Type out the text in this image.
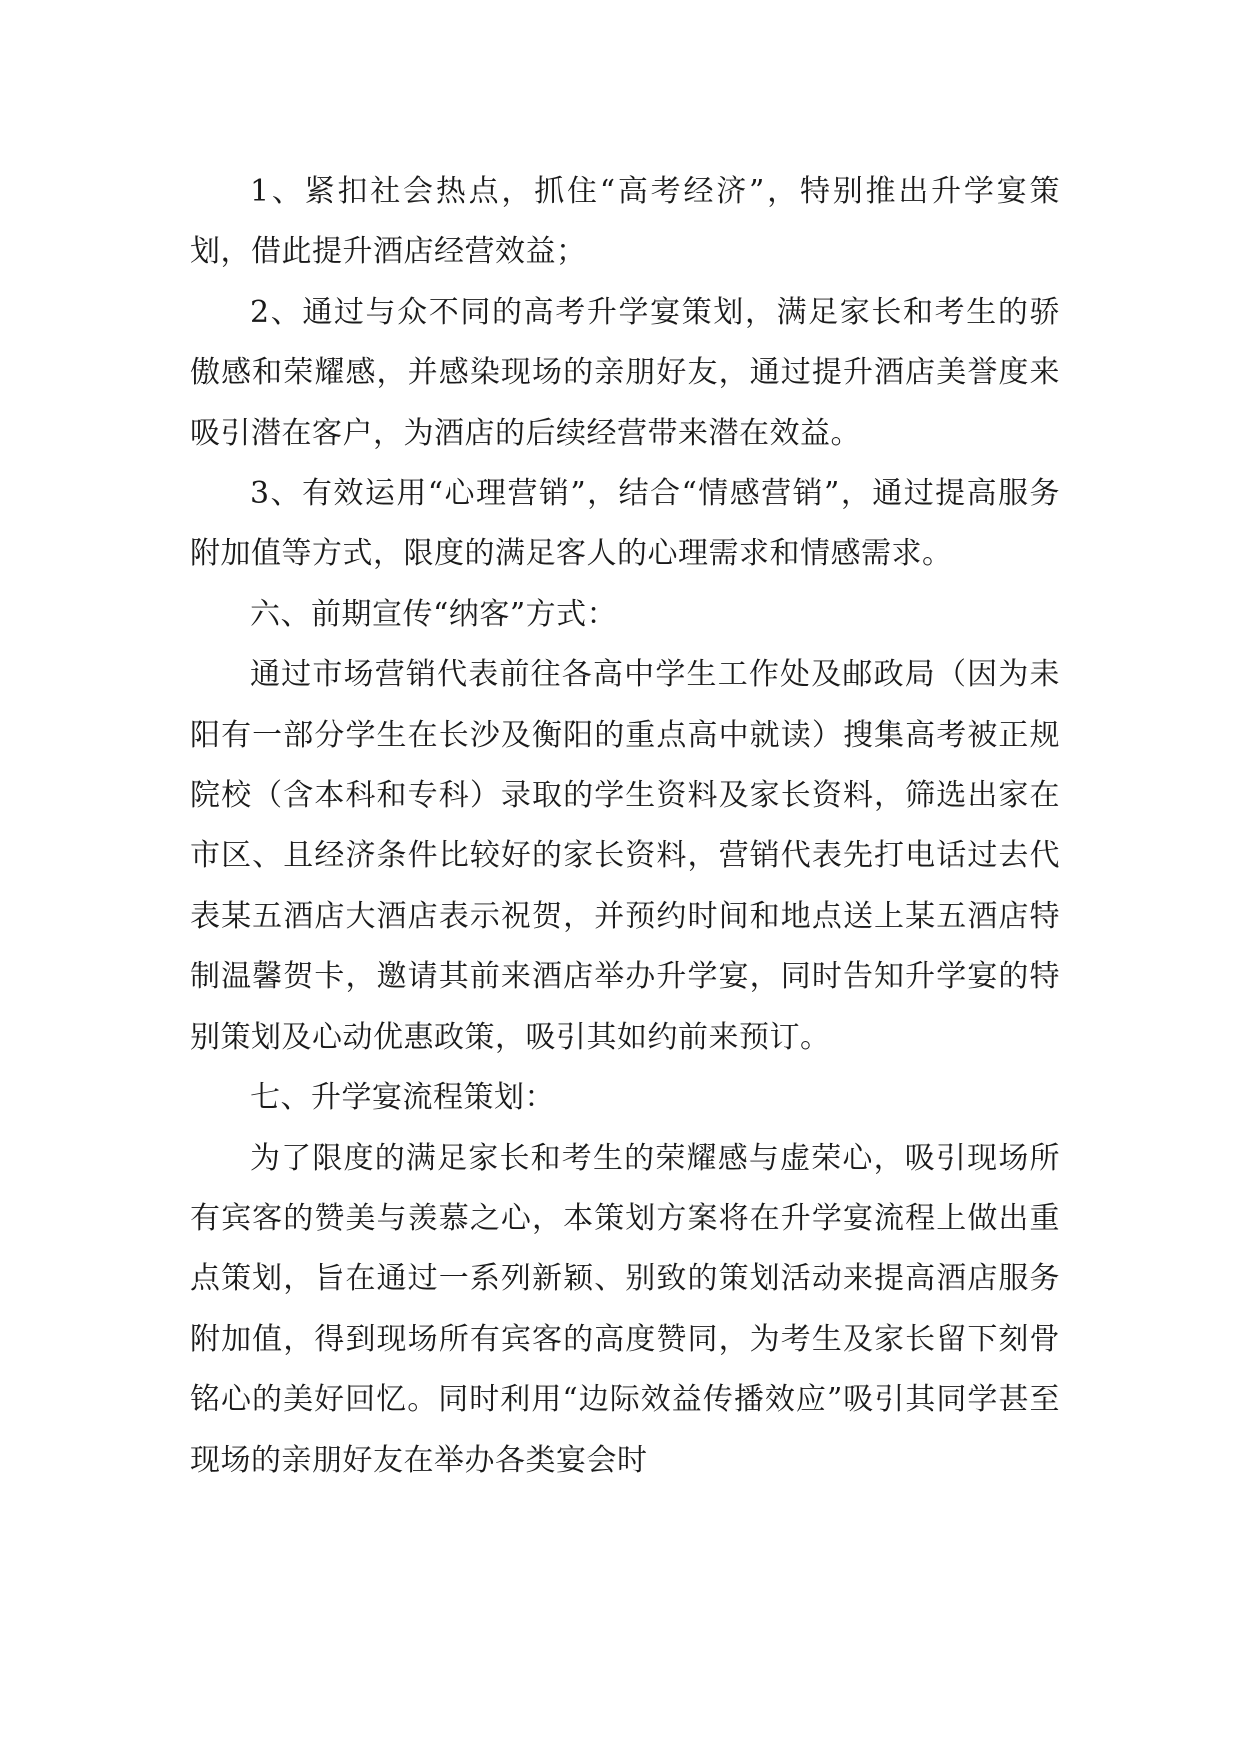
1、紧扣社会热点，抓住“高考经济”，特别推出升学宴策划，借此提升酒店经营效益；

2、通过与众不同的高考升学宴策划，满足家长和考生的骄傲感和荣耀感，并感染现场的亲朋好友，通过提升酒店美誉度来吸引潜在客户，为酒店的后续经营带来潜在效益。

3、有效运用“心理营销”，结合“情感营销”，通过提高服务附加值等方式，限度的满足客人的心理需求和情感需求。

六、前期宣传“纳客”方式：

通过市场营销代表前往各高中学生工作处及邮政局（因为耒阳有一部分学生在长沙及衡阳的重点高中就读）搜集高考被正规院校（含本科和专科）录取的学生资料及家长资料，筛选出家在市区、且经济条件比较好的家长资料，营销代表先打电话过去代表某五酒店大酒店表示祝贺，并预约时间和地点送上某五酒店特制温馨贺卡，邀请其前来酒店举办升学宴，同时告知升学宴的特别策划及心动优惠政策，吸引其如约前来预订。

七、升学宴流程策划：

为了限度的满足家长和考生的荣耀感与虚荣心，吸引现场所有宾客的赞美与羡慕之心，本策划方案将在升学宴流程上做出重点策划，旨在通过一系列新颖、别致的策划活动来提高酒店服务附加值，得到现场所有宾客的高度赞同，为考生及家长留下刻骨铭心的美好回忆。同时利用“边际效益传播效应”吸引其同学甚至现场的亲朋好友在举办各类宴会时
